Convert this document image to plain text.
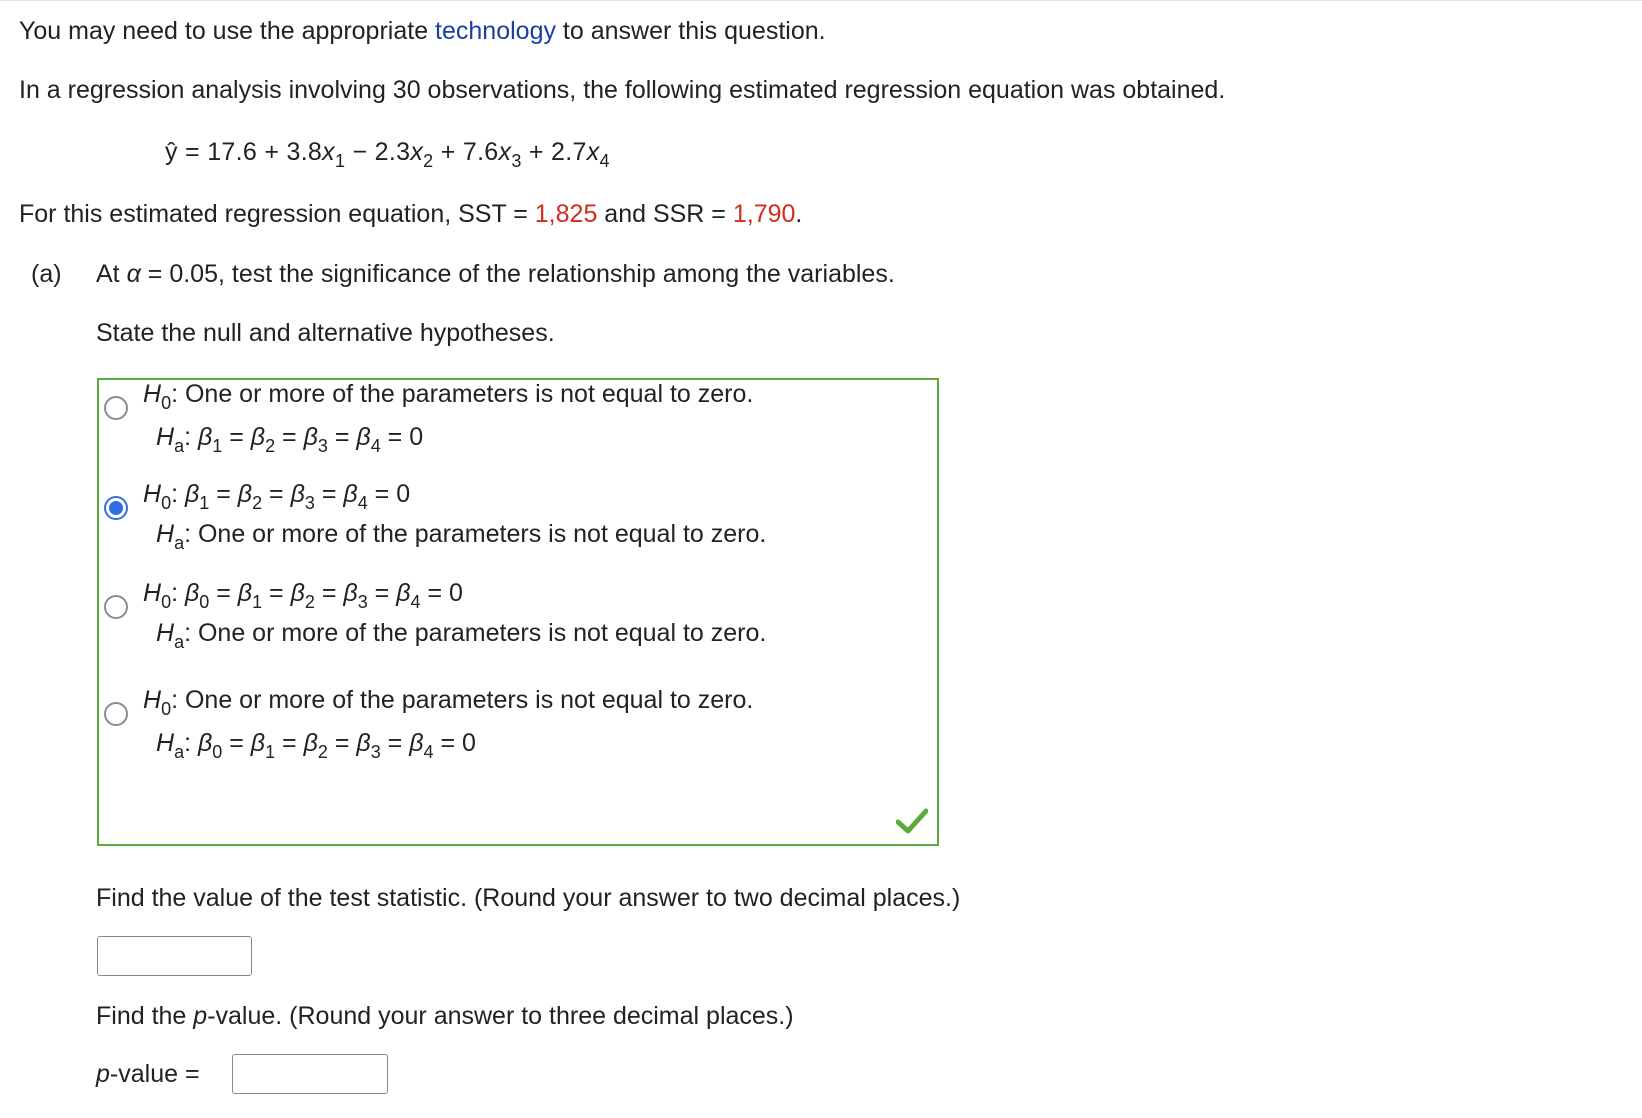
You may need to use the appropriate technology to answer this question.
In a regression analysis involving 30 observations, the following estimated regression equation was obtained.
ŷ = $17.6 + 3.8x_1 - 2.3x_2 + 7.6x_3 + 2.7x_4$
For this estimated regression equation, SST = 1,825 and SSR = 1,790.
(a) At α = 0.05, test the significance of the relationship among the variables.
State the null and alternative hypotheses.
$H_0$: One or more of the parameters is not equal to zero.
$H_a$: $\beta_1 = \beta_2 = \beta_3 = \beta_4 = 0$
$H_0$: $\beta_1 = \beta_2 = \beta_3 = \beta_4 = 0$
$H_a$: One or more of the parameters is not equal to zero.
$H_0$: $\beta_0 = \beta_1 = \beta_2 = \beta_3 = \beta_4 = 0$
$H_a$: One or more of the parameters is not equal to zero.
$H_0$: One or more of the parameters is not equal to zero.
$H_a$: $\beta_0 = \beta_1 = \beta_2 = \beta_3 = \beta_4 = 0$
Find the value of the test statistic. (Round your answer to two decimal places.)
Find the p-value. (Round your answer to three decimal places.)
p-value =
